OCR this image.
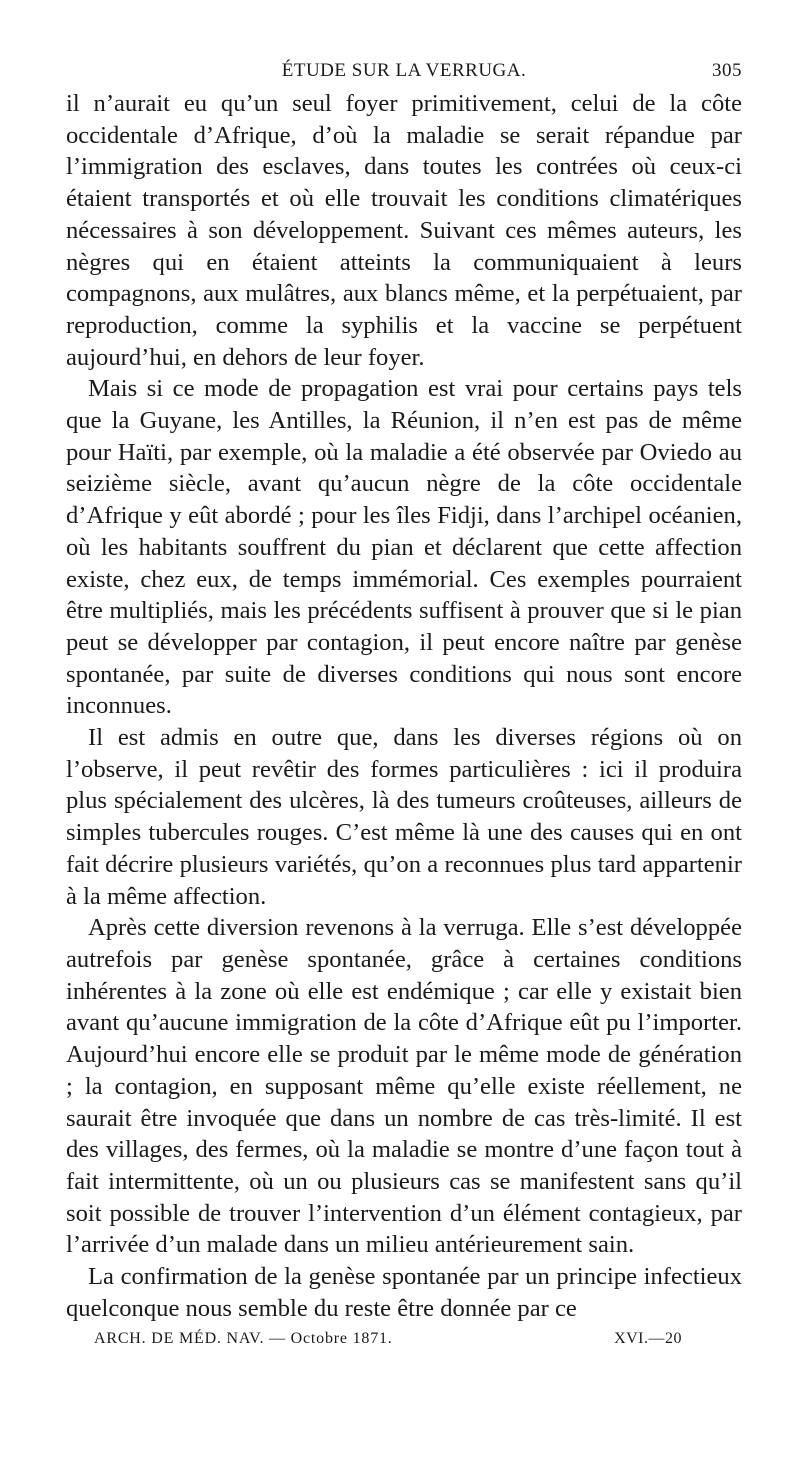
ÉTUDE SUR LA VERRUGA.	305

il n’aurait eu qu’un seul foyer primitivement, celui de la côte occidentale d’Afrique, d’où la maladie se serait répandue par l’immigration des esclaves, dans toutes les contrées où ceux-ci étaient transportés et où elle trouvait les conditions climatériques nécessaires à son développement. Suivant ces mêmes auteurs, les nègres qui en étaient atteints la communiquaient à leurs compagnons, aux mulâtres, aux blancs même, et la perpétuaient, par reproduction, comme la syphilis et la vaccine se perpétuent aujourd’hui, en dehors de leur foyer.

Mais si ce mode de propagation est vrai pour certains pays tels que la Guyane, les Antilles, la Réunion, il n’en est pas de même pour Haïti, par exemple, où la maladie a été observée par Oviedo au seizième siècle, avant qu’aucun nègre de la côte occidentale d’Afrique y eût abordé ; pour les îles Fidji, dans l’archipel océanien, où les habitants souffrent du pian et déclarent que cette affection existe, chez eux, de temps immémorial. Ces exemples pourraient être multipliés, mais les précédents suffisent à prouver que si le pian peut se développer par contagion, il peut encore naître par genèse spontanée, par suite de diverses conditions qui nous sont encore inconnues.

Il est admis en outre que, dans les diverses régions où on l’observe, il peut revêtir des formes particulières : ici il produira plus spécialement des ulcères, là des tumeurs croûteuses, ailleurs de simples tubercules rouges. C’est même là une des causes qui en ont fait décrire plusieurs variétés, qu’on a reconnues plus tard appartenir à la même affection.

Après cette diversion revenons à la verruga. Elle s’est développée autrefois par genèse spontanée, grâce à certaines conditions inhérentes à la zone où elle est endémique ; car elle y existait bien avant qu’aucune immigration de la côte d’Afrique eût pu l’importer. Aujourd’hui encore elle se produit par le même mode de génération ; la contagion, en supposant même qu’elle existe réellement, ne saurait être invoquée que dans un nombre de cas très-limité. Il est des villages, des fermes, où la maladie se montre d’une façon tout à fait intermittente, où un ou plusieurs cas se manifestent sans qu’il soit possible de trouver l’intervention d’un élément contagieux, par l’arrivée d’un malade dans un milieu antérieurement sain.

La confirmation de la genèse spontanée par un principe infectieux quelconque nous semble du reste être donnée par ce

ARCH. DE MÉD. NAV. — Octobre 1871.	XVI.—20
